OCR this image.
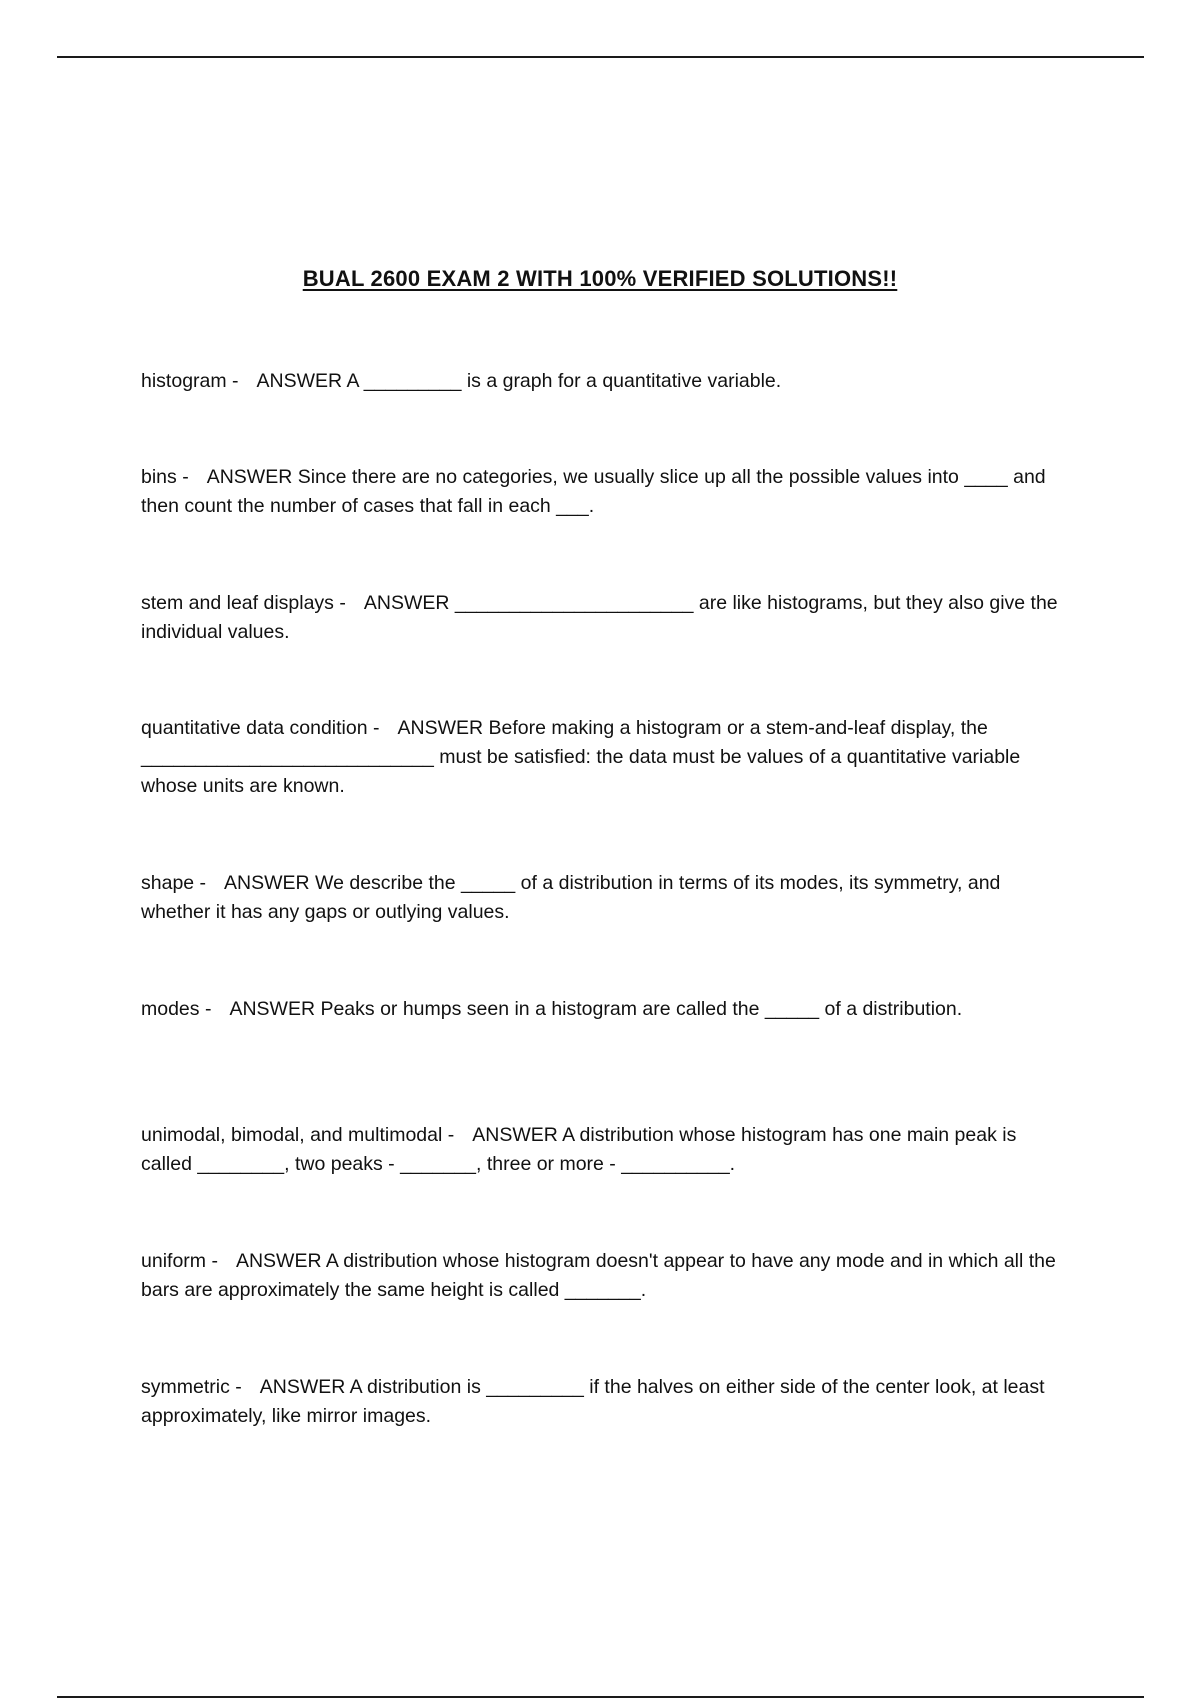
BUAL 2600 EXAM 2 WITH 100% VERIFIED SOLUTIONS!!

histogram - ANSWER A _________ is a graph for a quantitative variable.

bins - ANSWER Since there are no categories, we usually slice up all the possible values into ____ and then count the number of cases that fall in each ___.

stem and leaf displays - ANSWER ______________________ are like histograms, but they also give the individual values.

quantitative data condition - ANSWER Before making a histogram or a stem-and-leaf display, the ___________________________ must be satisfied: the data must be values of a quantitative variable whose units are known.

shape - ANSWER We describe the _____ of a distribution in terms of its modes, its symmetry, and whether it has any gaps or outlying values.

modes - ANSWER Peaks or humps seen in a histogram are called the _____ of a distribution.

unimodal, bimodal, and multimodal - ANSWER A distribution whose histogram has one main peak is called ________, two peaks - _______, three or more - __________.

uniform - ANSWER A distribution whose histogram doesn't appear to have any mode and in which all the bars are approximately the same height is called _______.

symmetric - ANSWER A distribution is _________ if the halves on either side of the center look, at least approximately, like mirror images.
